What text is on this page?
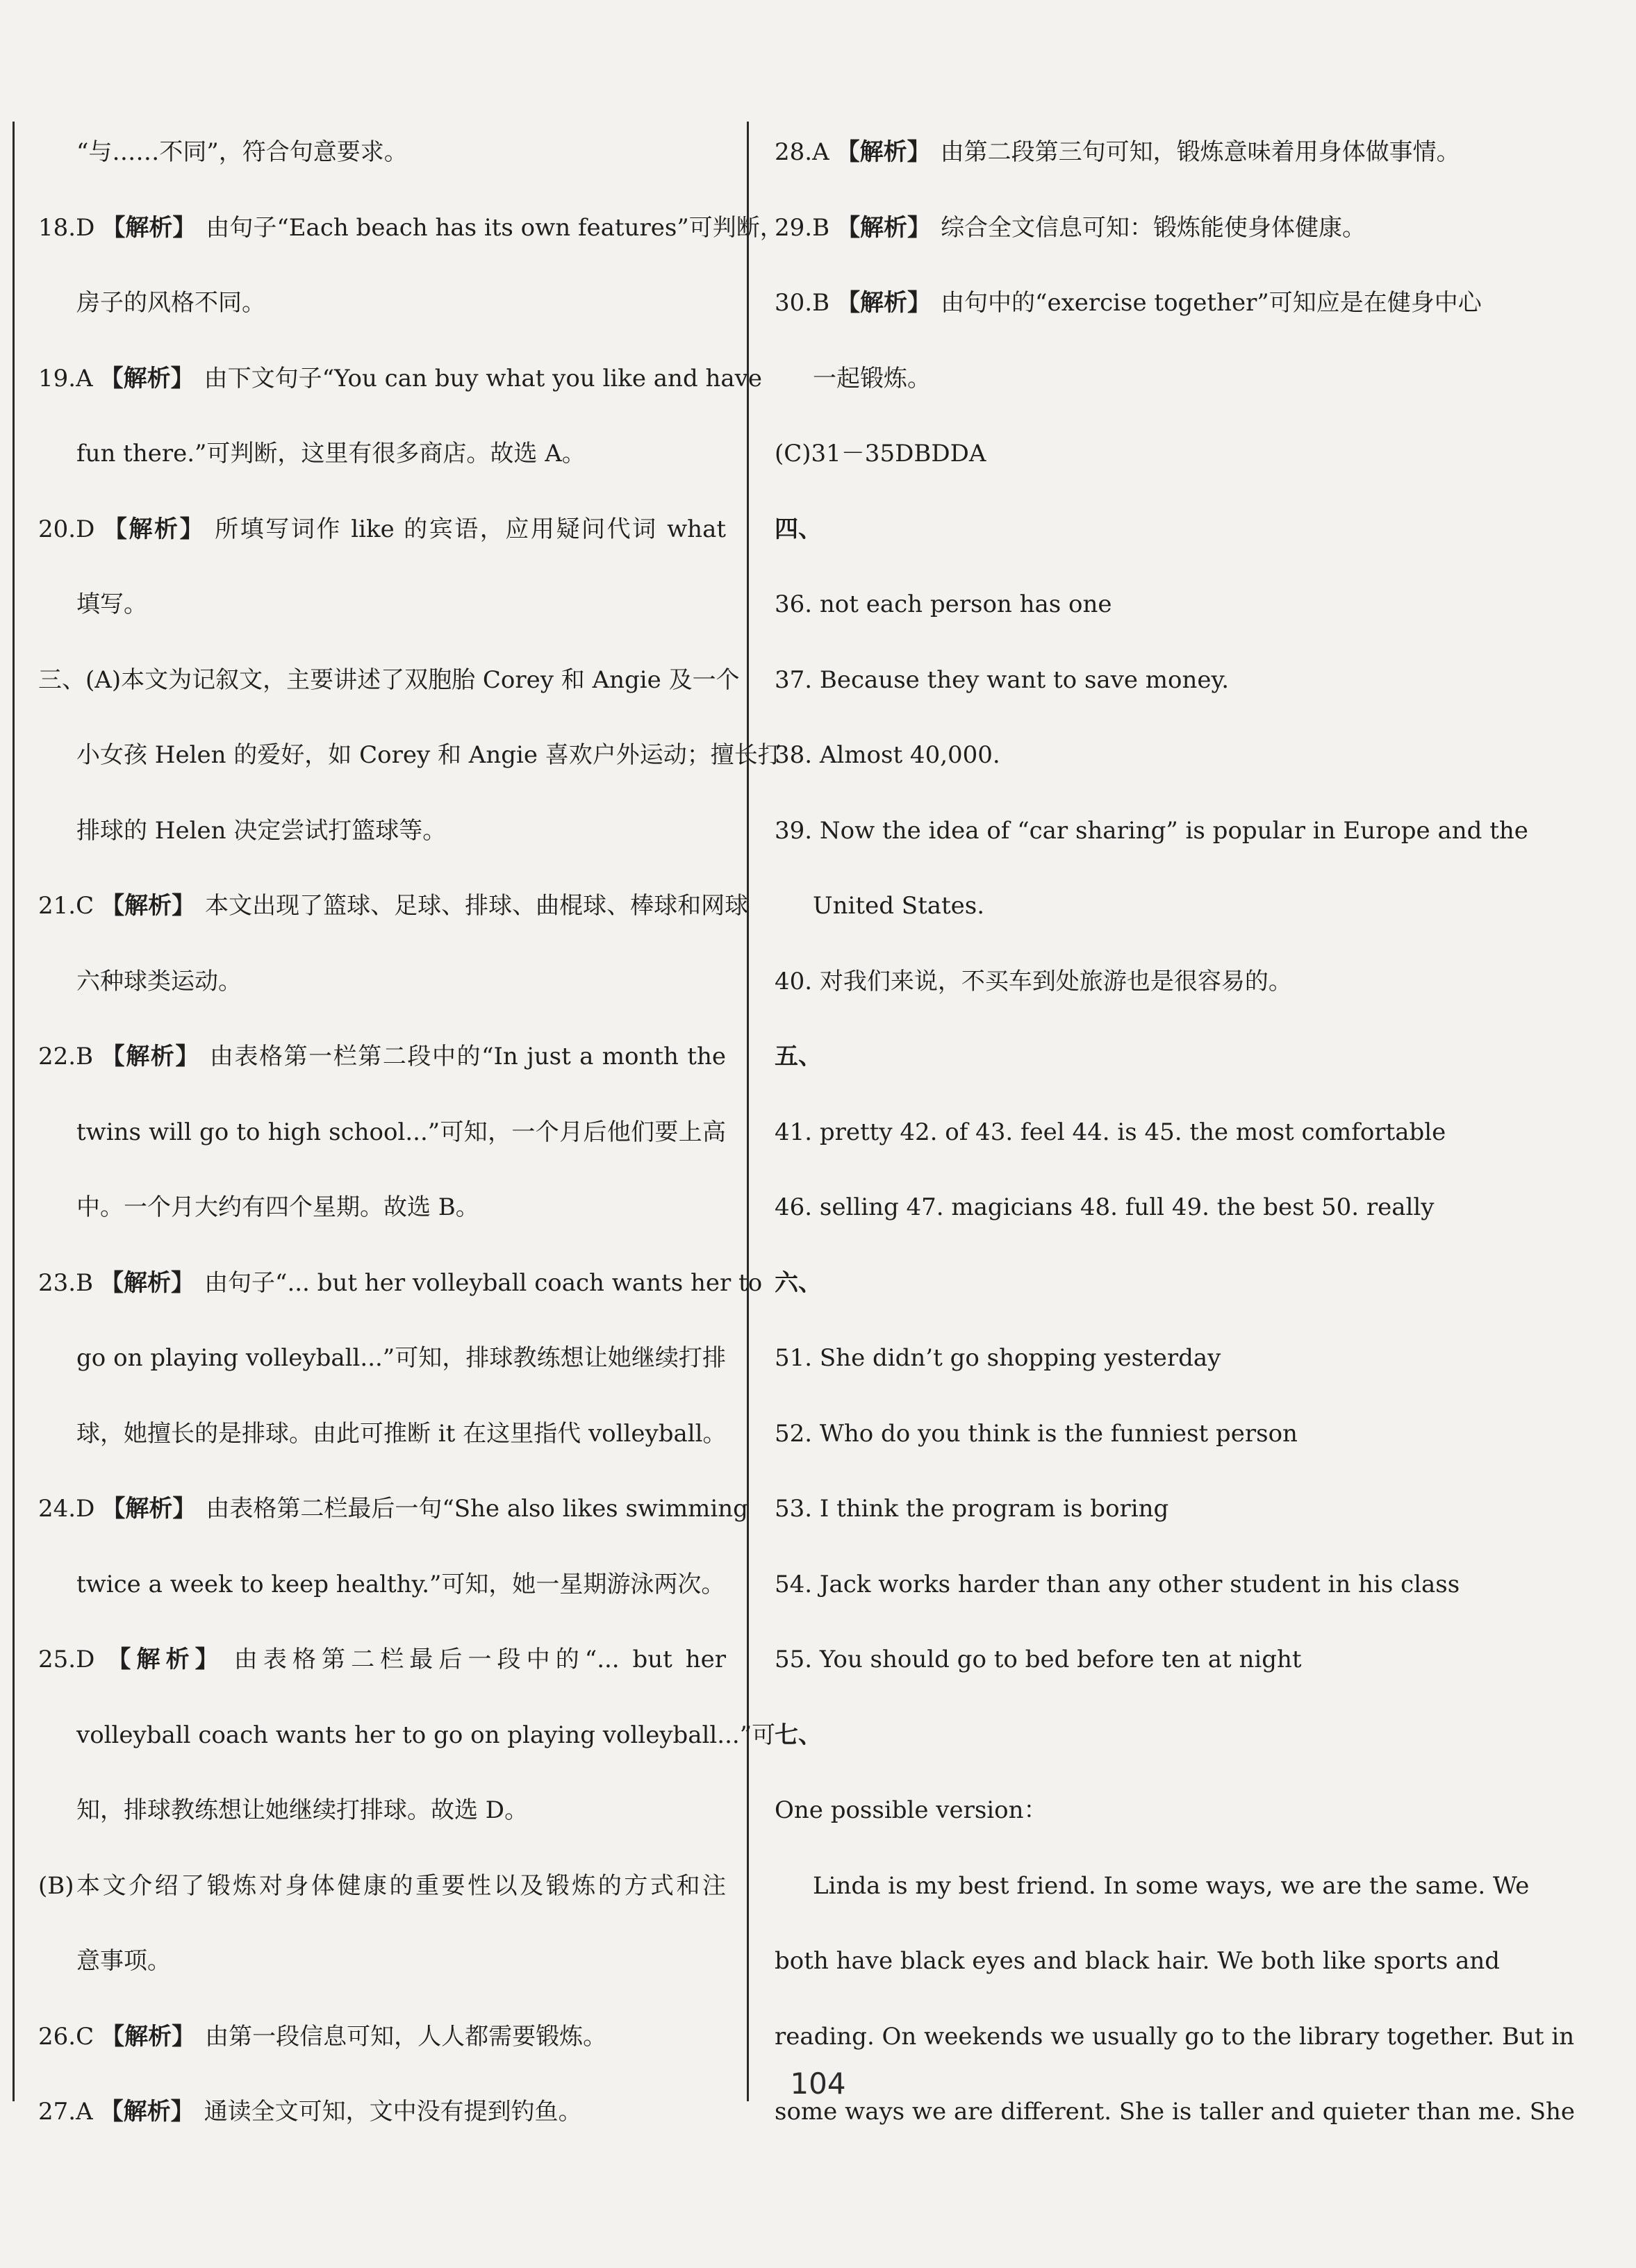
“与……不同”，符合句意要求。
18.D 【解析】 由句子“Each beach has its own features”可判断，
房子的风格不同。
19.A 【解析】 由下文句子“You can buy what you like and have
fun there.”可判断，这里有很多商店。故选 A。
20.D 【解析】 所填写词作 like 的宾语，应用疑问代词 what
填写。
三、(A)本文为记叙文，主要讲述了双胞胎 Corey 和 Angie 及一个
小女孩 Helen 的爱好，如 Corey 和 Angie 喜欢户外运动；擅长打
排球的 Helen 决定尝试打篮球等。
21.C 【解析】 本文出现了篮球、足球、排球、曲棍球、棒球和网球
六种球类运动。
22.B 【解析】 由表格第一栏第二段中的“In just a month the
twins will go to high school...”可知，一个月后他们要上高
中。一个月大约有四个星期。故选 B。
23.B 【解析】 由句子“... but her volleyball coach wants her to
go on playing volleyball...”可知，排球教练想让她继续打排
球，她擅长的是排球。由此可推断 it 在这里指代 volleyball。
24.D 【解析】 由表格第二栏最后一句“She also likes swimming
twice a week to keep healthy.”可知，她一星期游泳两次。
25.D 【解析】 由表格第二栏最后一段中的“... but her
volleyball coach wants her to go on playing volleyball...”可
知，排球教练想让她继续打排球。故选 D。
(B)本文介绍了锻炼对身体健康的重要性以及锻炼的方式和注
意事项。
26.C 【解析】 由第一段信息可知，人人都需要锻炼。
27.A 【解析】 通读全文可知，文中没有提到钓鱼。
28.A 【解析】 由第二段第三句可知，锻炼意味着用身体做事情。
29.B 【解析】 综合全文信息可知：锻炼能使身体健康。
30.B 【解析】 由句中的“exercise together”可知应是在健身中心
一起锻炼。
(C)31－35DBDDA
四、
36. not each person has one
37. Because they want to save money.
38. Almost 40,000.
39. Now the idea of “car sharing” is popular in Europe and the
United States.
40. 对我们来说，不买车到处旅游也是很容易的。
五、
41. pretty 42. of 43. feel 44. is 45. the most comfortable
46. selling 47. magicians 48. full 49. the best 50. really
六、
51. She didn’t go shopping yesterday
52. Who do you think is the funniest person
53. I think the program is boring
54. Jack works harder than any other student in his class
55. You should go to bed before ten at night
七、
One possible version：
Linda is my best friend. In some ways, we are the same. We
both have black eyes and black hair. We both like sports and
reading. On weekends we usually go to the library together. But in
some ways we are different. She is taller and quieter than me. She
104
